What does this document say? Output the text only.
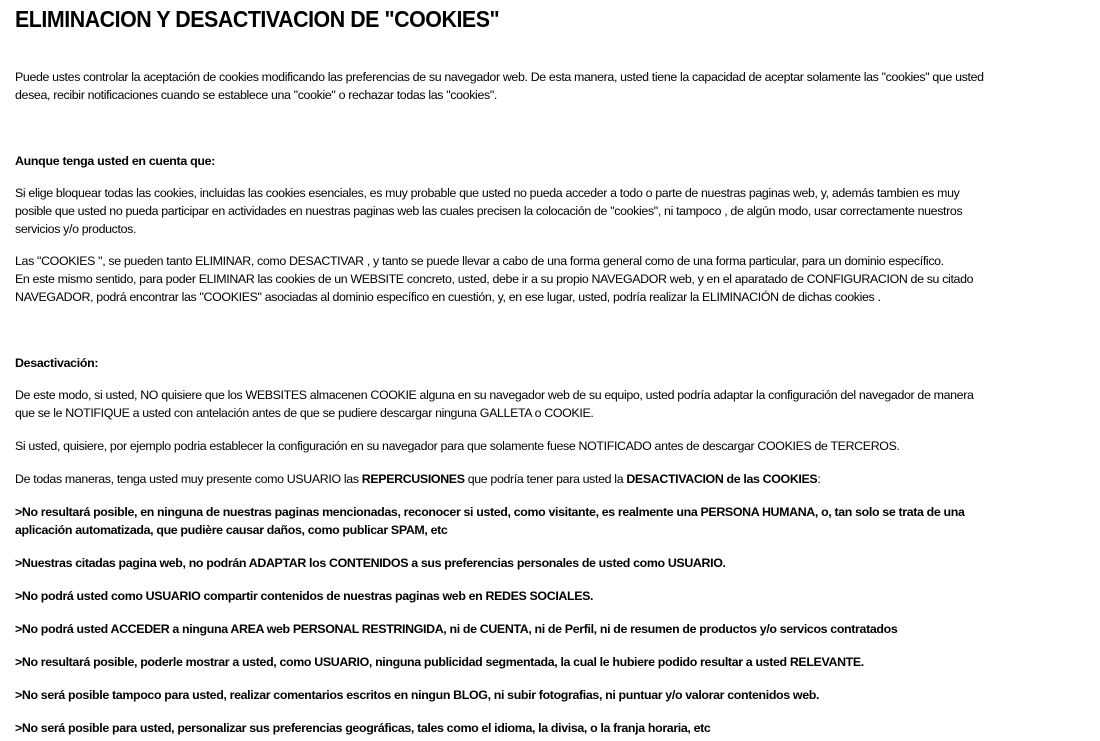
ELIMINACION Y DESACTIVACION DE "COOKIES"

Puede ustes controlar la aceptación de cookies modificando las preferencias de su navegador web. De esta manera, usted tiene la capacidad de aceptar solamente las "cookies" que usted
desea, recibir notificaciones cuando se establece una "cookie" o rechazar todas las "cookies".

Aunque tenga usted en cuenta que:

Si elige bloquear todas las cookies, incluidas las cookies esenciales, es muy probable que usted no pueda acceder a todo o parte de nuestras paginas web, y, además tambien es muy
posible que usted no pueda participar en actividades en nuestras paginas web las cuales precisen la colocación de "cookies", ni tampoco , de algún modo, usar correctamente nuestros
servicios y/o productos.

Las "COOKIES ", se pueden tanto ELIMINAR, como DESACTIVAR , y tanto se puede llevar a cabo de una forma general como de una forma particular, para un dominio específico.
En este mismo sentido, para poder ELIMINAR las cookies de un WEBSITE concreto, usted, debe ir a su propio NAVEGADOR web, y en el aparatado de CONFIGURACION de su citado
NAVEGADOR, podrá encontrar las "COOKIES" asociadas al dominio específico en cuestión, y, en ese lugar, usted, podría realizar la ELIMINACIÓN de dichas cookies .

Desactivación:

De este modo, si usted, NO quisiere que los WEBSITES almacenen COOKIE alguna en su navegador web de su equipo, usted podría adaptar la configuración del navegador de manera
que se le NOTIFIQUE a usted con antelación antes de que se pudiere descargar ninguna GALLETA o COOKIE.

Si usted, quisiere, por ejemplo podria establecer la configuración en su navegador para que solamente fuese NOTIFICADO antes de descargar COOKIES de TERCEROS.

De todas maneras, tenga usted muy presente como USUARIO las REPERCUSIONES que podría tener para usted la DESACTIVACION de las COOKIES:

>No resultará posible, en ninguna de nuestras paginas mencionadas, reconocer si usted, como visitante, es realmente una PERSONA HUMANA, o, tan solo se trata de una
aplicación automatizada, que pudière causar daños, como publicar SPAM, etc

>Nuestras citadas pagina web, no podrán ADAPTAR los CONTENIDOS a sus preferencias personales de usted como USUARIO.

>No podrá usted como USUARIO compartir contenidos de nuestras paginas web en REDES SOCIALES.

>No podrá usted ACCEDER a ninguna AREA web PERSONAL RESTRINGIDA, ni de CUENTA, ni de Perfil, ni de resumen de productos y/o servicos contratados

>No resultará posible, poderle mostrar a usted, como USUARIO, ninguna publicidad segmentada, la cual le hubiere podido resultar a usted RELEVANTE.

>No será posible tampoco para usted, realizar comentarios escritos en ningun BLOG, ni subir fotografias, ni puntuar y/o valorar contenidos web.

>No será posible para usted, personalizar sus preferencias geográficas, tales como el idioma, la divisa, o la franja horaria, etc
